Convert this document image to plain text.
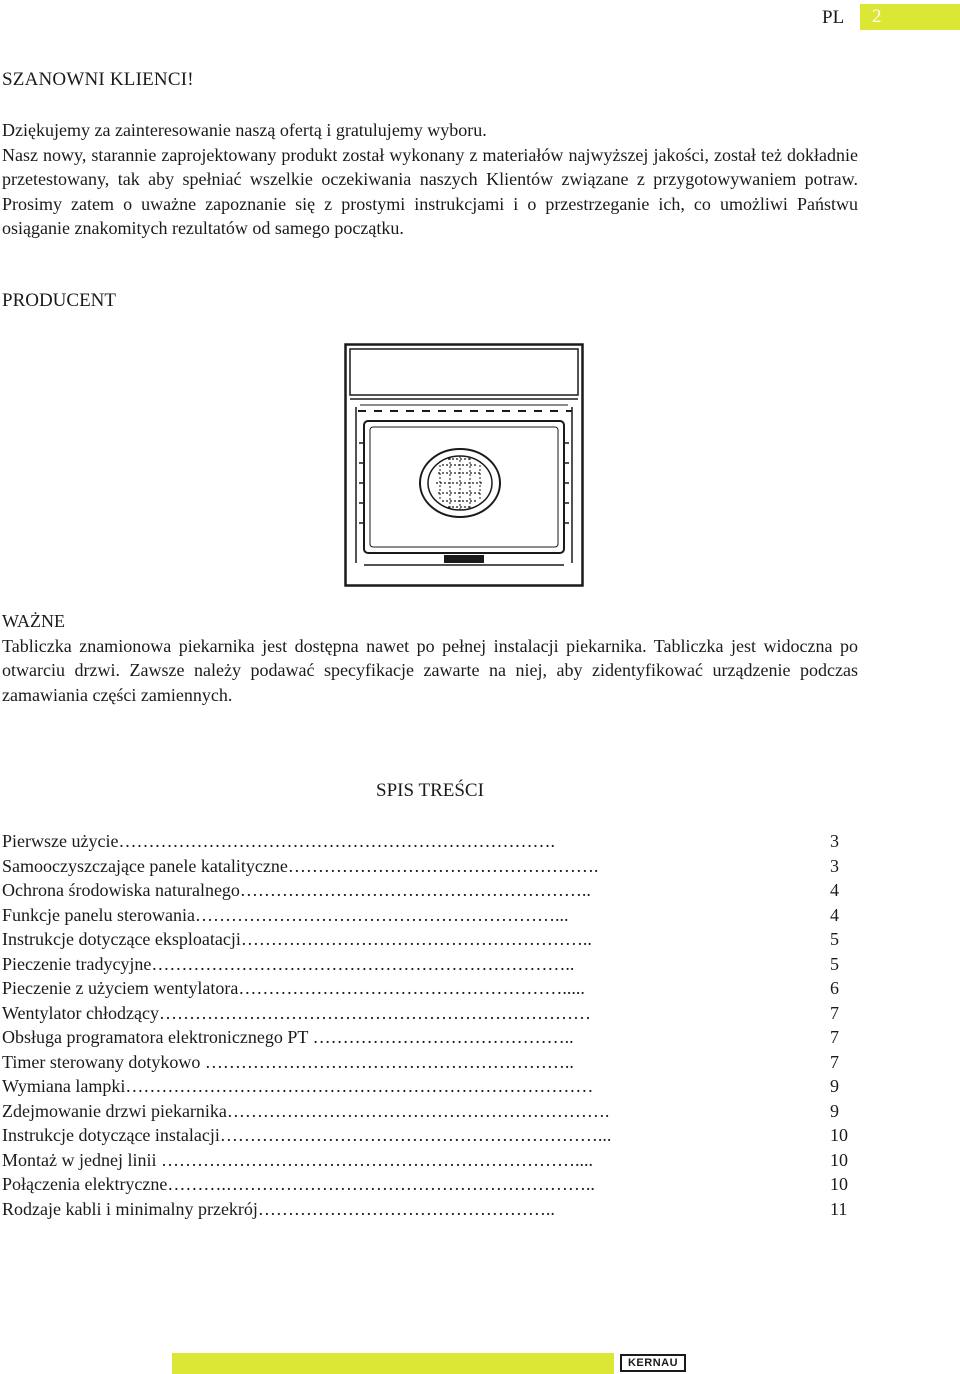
PL	2
SZANOWNI KLIENCI!

Dziękujemy za zainteresowanie naszą ofertą i gratulujemy wyboru.

Nasz nowy, starannie zaprojektowany produkt został wykonany z materiałów najwyższej jakości, został też dokładnie przetestowany, tak aby spełniać wszelkie oczekiwania naszych Klientów związane z przygotowywaniem potraw.

Prosimy zatem o uważne zapoznanie się z prostymi instrukcjami i o przestrzeganie ich, co umożliwi Państwu osiąganie znakomitych rezultatów od samego początku.

PRODUCENT
WAŻNE

Tabliczka znamionowa piekarnika jest dostępna nawet po pełnej instalacji piekarnika. Tabliczka jest widoczna po otwarciu drzwi. Zawsze należy podawać specyfikacje zawarte na niej, aby zidentyfikować urządzenie podczas zamawiania części zamiennych.

SPIS TREŚCI
Pierwsze użycie……………………………………………………………….	3
Samooczyszczające panele katalityczne…………………………………………….	3
Ochrona środowiska naturalnego…………………………………………………..	4
Funkcje panelu sterowania……………………………………………………...	4
Instrukcje dotyczące eksploatacji…………………………………………………..	5
Pieczenie tradycyjne……………………………………………………………..	5
Pieczenie z użyciem wentylatora……………………………………………….....	6
Wentylator chłodzący………………………………………………………………	7
Obsługa programatora elektronicznego PT ……………………………………..	7
Timer sterowany dotykowo ……………………………………………………..	7
Wymiana lampki……………………………………………………………………	9
Zdejmowanie drzwi piekarnika……………………………………………………….	9
Instrukcje dotyczące instalacji………………………………………………………...	10
Montaż w jednej linii ……………………………………………………………....	10
Połączenia elektryczne……….……………………………………………………..	10
Rodzaje kabli i minimalny przekrój…………………………………………..	11
KERNAU
